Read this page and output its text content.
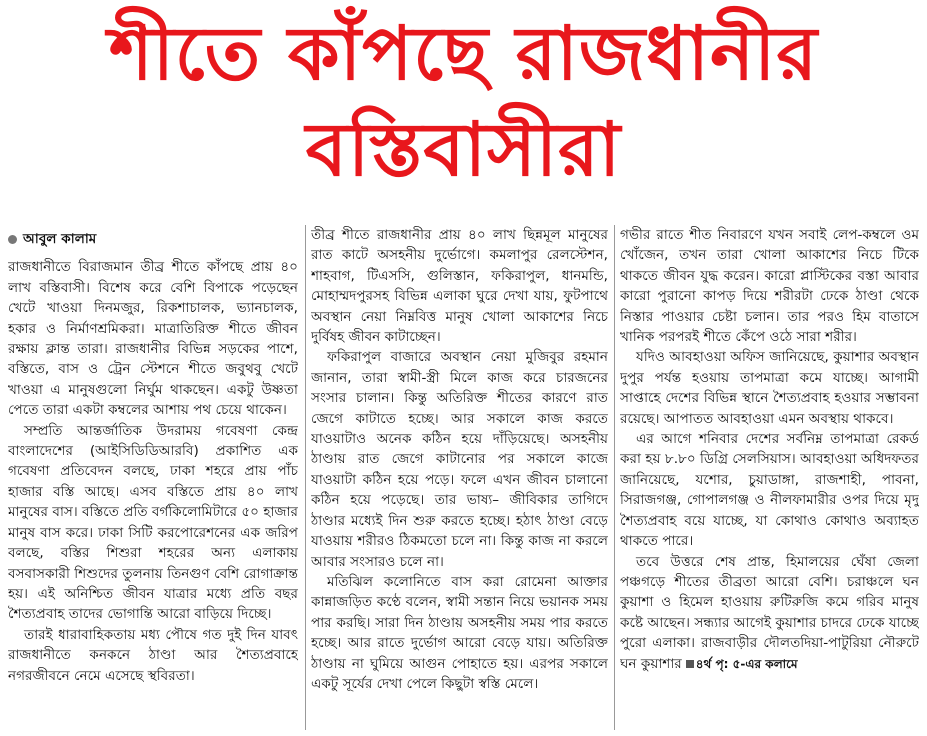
শীতে কাঁপছে রাজধানীর
বস্তিবাসীরা
আবুল কালাম

রাজধানীতে বিরাজমান তীব্র শীতে কাঁপছে প্রায় ৪০ লাখ বস্তিবাসী। বিশেষ করে বেশি বিপাকে পড়েছেন খেটে খাওয়া দিনমজুর, রিকশাচালক, ভ্যানচালক, হকার ও নির্মাণশ্রমিকরা। মাত্রাতিরিক্ত শীতে জীবন রক্ষায় ক্লান্ত তারা। রাজধানীর বিভিন্ন সড়কের পাশে, বস্তিতে, বাস ও ট্রেন স্টেশনে শীতে জবুথবু খেটে খাওয়া এ মানুষগুলো নির্ঘুম থাকছেন। একটু উষ্ণতা পেতে তারা একটা কম্বলের আশায় পথ চেয়ে থাকেন।

সম্প্রতি আন্তর্জাতিক উদরাময় গবেষণা কেন্দ্র বাংলাদেশের (আইসিডিডিআরবি) প্রকাশিত এক গবেষণা প্রতিবেদন বলছে, ঢাকা শহরে প্রায় পাঁচ হাজার বস্তি আছে। এসব বস্তিতে প্রায় ৪০ লাখ মানুষের বাস। বস্তিতে প্রতি বর্গকিলোমিটারে ৫০ হাজার মানুষ বাস করে। ঢাকা সিটি করপোরেশনের এক জরিপ বলছে, বস্তির শিশুরা শহরের অন্য এলাকায় বসবাসকারী শিশুদের তুলনায় তিনগুণ বেশি রোগাক্রান্ত হয়। এই অনিশ্চিত জীবন যাত্রার মধ্যে প্রতি বছর শৈত্যপ্রবাহ তাদের ভোগান্তি আরো বাড়িয়ে দিচ্ছে।

তারই ধারাবাহিকতায় মধ্য পৌষে গত দুই দিন যাবৎ রাজধানীতে কনকনে ঠাণ্ডা আর শৈত্যপ্রবাহে নগরজীবনে নেমে এসেছে স্থবিরতা।

তীব্র শীতে রাজধানীর প্রায় ৪০ লাখ ছিন্নমূল মানুষের রাত কাটে অসহনীয় দুর্ভোগে। কমলাপুর রেলস্টেশন, শাহবাগ, টিএসসি, গুলিস্তান, ফকিরাপুল, ধানমন্ডি, মোহাম্মদপুরসহ বিভিন্ন এলাকা ঘুরে দেখা যায়, ফুটপাথে অবস্থান নেয়া নিম্নবিত্ত মানুষ খোলা আকাশের নিচে দুর্বিষহ জীবন কাটাচ্ছেন।

ফকিরাপুল বাজারে অবস্থান নেয়া মুজিবুর রহমান জানান, তারা স্বামী-স্ত্রী মিলে কাজ করে চারজনের সংসার চালান। কিন্তু অতিরিক্ত শীতের কারণে রাত জেগে কাটাতে হচ্ছে। আর সকালে কাজ করতে যাওয়াটাও অনেক কঠিন হয়ে দাঁড়িয়েছে। অসহনীয় ঠাণ্ডায় রাত জেগে কাটানোর পর সকালে কাজে যাওয়াটা কঠিন হয়ে পড়ে। ফলে এখন জীবন চালানো কঠিন হয়ে পড়েছে। তার ভাষ্য– জীবিকার তাগিদে ঠাণ্ডার মধ্যেই দিন শুরু করতে হচ্ছে। হঠাৎ ঠাণ্ডা বেড়ে যাওয়ায় শরীরও ঠিকমতো চলে না। কিন্তু কাজ না করলে আবার সংসারও চলে না।

মতিঝিল কলোনিতে বাস করা রোমেনা আক্তার কান্নাজড়িত কণ্ঠে বলেন, স্বামী সন্তান নিয়ে ভয়ানক সময় পার করছি। সারা দিন ঠাণ্ডায় অসহনীয় সময় পার করতে হচ্ছে। আর রাতে দুর্ভোগ আরো বেড়ে যায়। অতিরিক্ত ঠাণ্ডায় না ঘুমিয়ে আগুন পোহাতে হয়। এরপর সকালে একটু সূর্যের দেখা পেলে কিছুটা স্বস্তি মেলে।

গভীর রাতে শীত নিবারণে যখন সবাই লেপ-কম্বলে ওম খোঁজেন, তখন তারা খোলা আকাশের নিচে টিকে থাকতে জীবন যুদ্ধ করেন। কারো প্লাস্টিকের বস্তা আবার কারো পুরানো কাপড় দিয়ে শরীরটা ঢেকে ঠাণ্ডা থেকে নিস্তার পাওয়ার চেষ্টা চলান। তার পরও হিম বাতাসে খানিক পরপরই শীতে কেঁপে ওঠে সারা শরীর।

যদিও আবহাওয়া অফিস জানিয়েছে, কুয়াশার অবস্থান দুপুর পর্যন্ত হওয়ায় তাপমাত্রা কমে যাচ্ছে। আগামী সাপ্তাহে দেশের বিভিন্ন স্থানে শৈত্যপ্রবাহ হওয়ার সম্ভাবনা রয়েছে। আপাতত আবহাওয়া এমন অবস্থায় থাকবে।

এর আগে শনিবার দেশের সর্বনিম্ন তাপমাত্রা রেকর্ড করা হয় ৮.৮০ ডিগ্রি সেলসিয়াস। আবহাওয়া অধিদফতর জানিয়েছে, যশোর, চুয়াডাঙ্গা, রাজশাহী, পাবনা, সিরাজগঞ্জ, গোপালগঞ্জ ও নীলফামারীর ওপর দিয়ে মৃদু শৈত্যপ্রবাহ বয়ে যাচ্ছে, যা কোথাও কোথাও অব্যাহত থাকতে পারে।

তবে উত্তরে শেষ প্রান্ত, হিমালয়ের ঘেঁষা জেলা পঞ্চগড়ে শীতের তীব্রতা আরো বেশি। চরাঞ্চলে ঘন কুয়াশা ও হিমেল হাওয়ায় রুটিরুজি কমে গরিব মানুষ কষ্টে আছেন। সন্ধ্যার আগেই কুয়াশার চাদরে ঢেকে যাচ্ছে পুরো এলাকা। রাজবাড়ীর দৌলতদিয়া-পাটুরিয়া নৌরুটে ঘন কুয়াশার ৪র্থ পৃ: ৫-এর কলামে
